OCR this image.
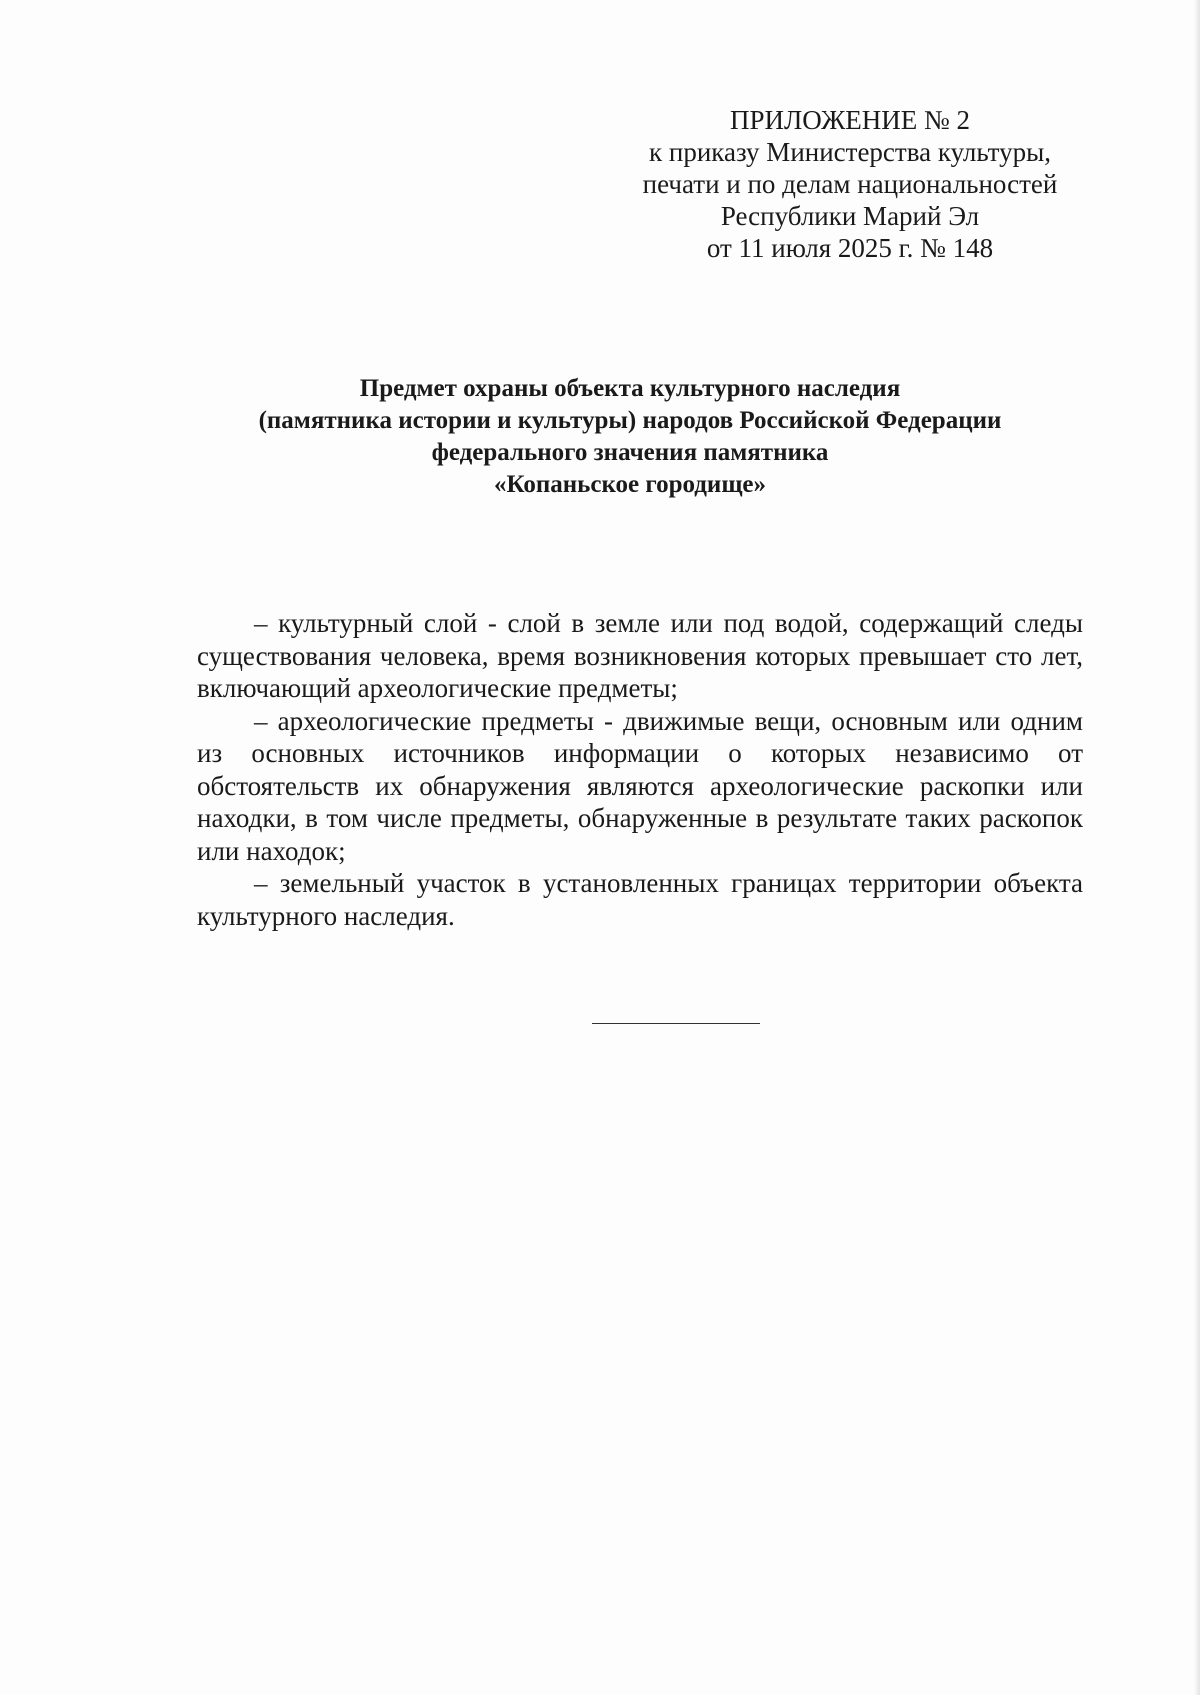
ПРИЛОЖЕНИЕ № 2
к приказу Министерства культуры,
печати и по делам национальностей
Республики Марий Эл
от 11 июля 2025 г. № 148
Предмет охраны объекта культурного наследия
(памятника истории и культуры) народов Российской Федерации
федерального значения памятника
«Копаньское городище»

– культурный слой - слой в земле или под водой, содержащий следы существования человека, время возникновения которых превышает сто лет, включающий археологические предметы;

– археологические предметы - движимые вещи, основным или одним из основных источников информации о которых независимо от обстоятельств их обнаружения являются археологические раскопки или находки, в том числе предметы, обнаруженные в результате таких раскопок или находок;

– земельный участок в установленных границах территории объекта культурного наследия.
